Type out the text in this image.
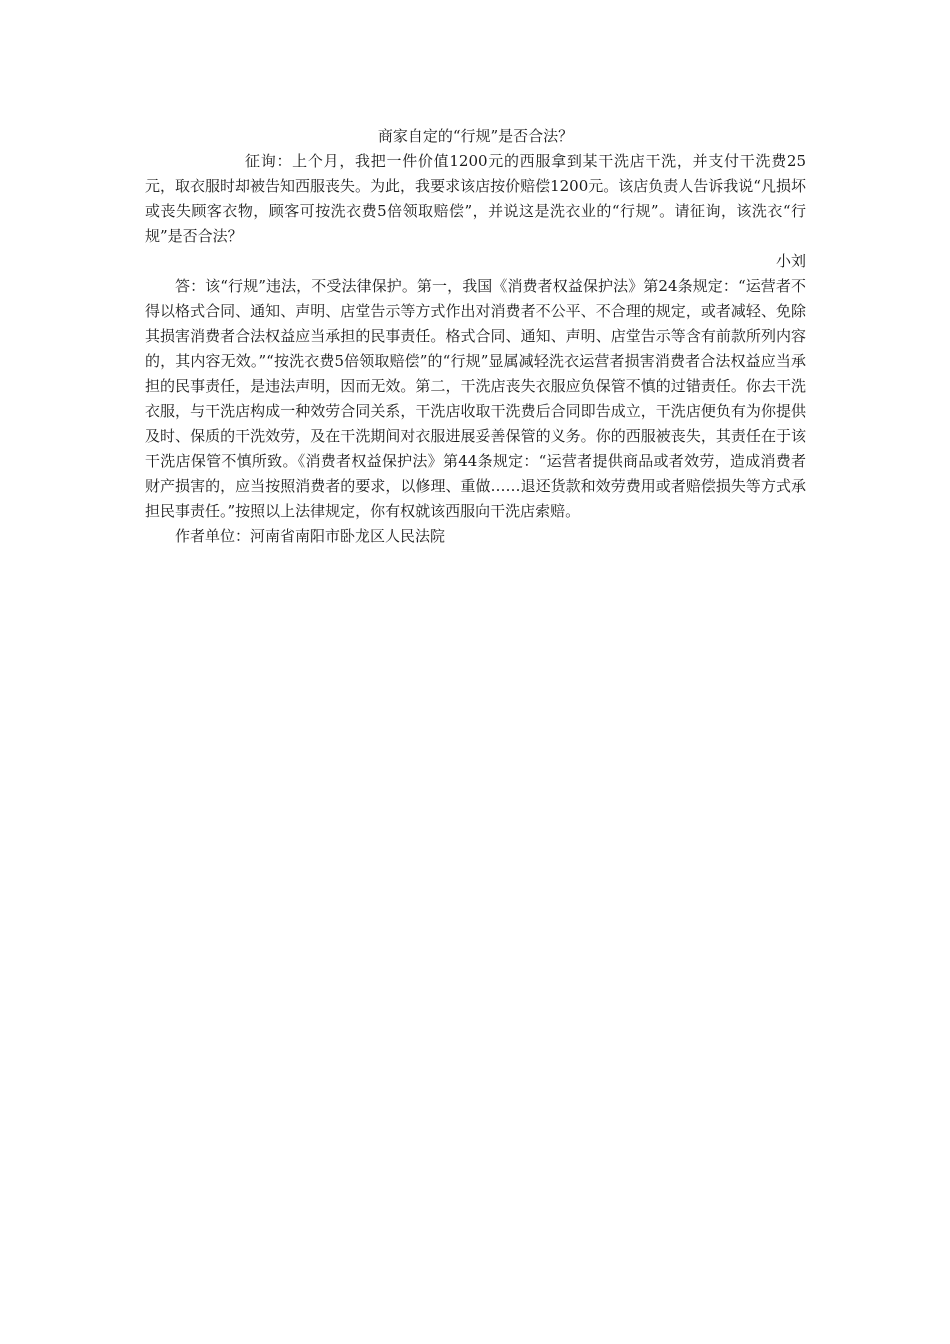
商家自定的“行规”是否合法？

征询：上个月，我把一件价值1200元的西服拿到某干洗店干洗，并支付干洗费25元，取衣服时却被告知西服丧失。为此，我要求该店按价赔偿1200元。该店负责人告诉我说“凡损坏或丧失顾客衣物，顾客可按洗衣费5倍领取赔偿”，并说这是洗衣业的“行规”。请征询，该洗衣“行规”是否合法？

小刘

答：该“行规”违法，不受法律保护。第一，我国《消费者权益保护法》第24条规定：“运营者不得以格式合同、通知、声明、店堂告示等方式作出对消费者不公平、不合理的规定，或者减轻、免除其损害消费者合法权益应当承担的民事责任。格式合同、通知、声明、店堂告示等含有前款所列内容的，其内容无效。”“按洗衣费5倍领取赔偿”的“行规”显属减轻洗衣运营者损害消费者合法权益应当承担的民事责任，是违法声明，因而无效。第二，干洗店丧失衣服应负保管不慎的过错责任。你去干洗衣服，与干洗店构成一种效劳合同关系，干洗店收取干洗费后合同即告成立，干洗店便负有为你提供及时、保质的干洗效劳，及在干洗期间对衣服进展妥善保管的义务。你的西服被丧失，其责任在于该干洗店保管不慎所致。《消费者权益保护法》第44条规定：“运营者提供商品或者效劳，造成消费者财产损害的，应当按照消费者的要求，以修理、重做……退还货款和效劳费用或者赔偿损失等方式承担民事责任。”按照以上法律规定，你有权就该西服向干洗店索赔。

作者单位：河南省南阳市卧龙区人民法院
